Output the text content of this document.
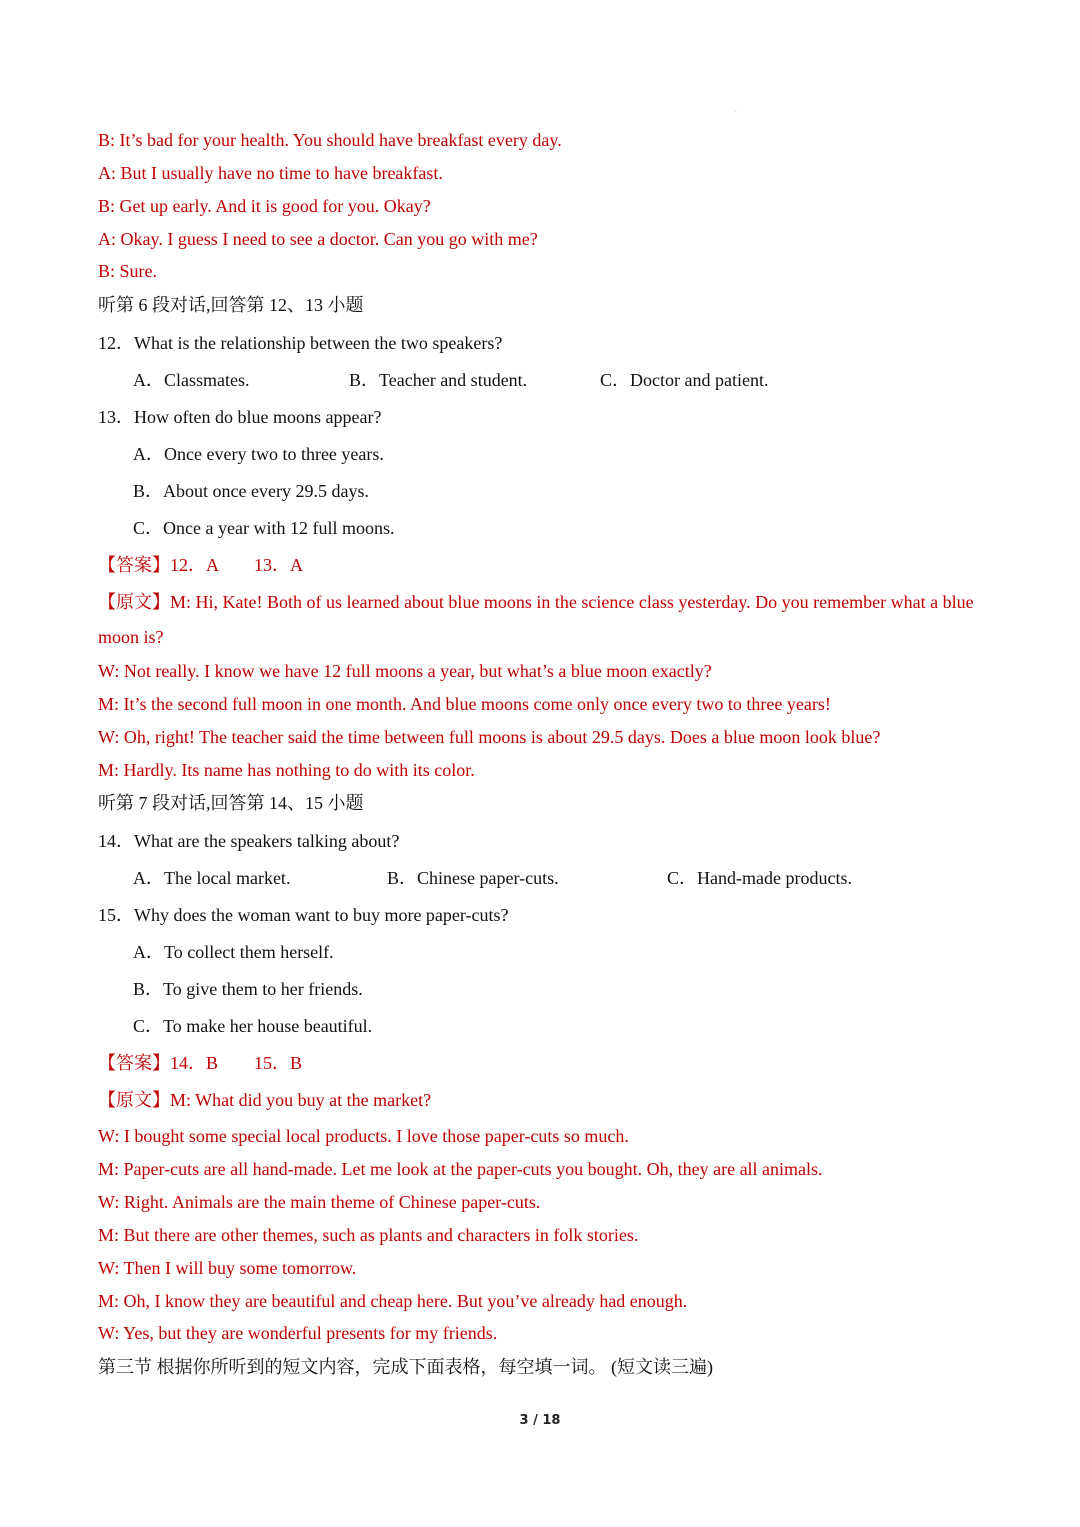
.
B: It’s bad for your health. You should have breakfast every day.
A: But I usually have no time to have breakfast.
B: Get up early. And it is good for you. Okay?
A: Okay. I guess I need to see a doctor. Can you go with me?
B: Sure.
听第 6 段对话,回答第 12、13 小题
12．What is the relationship between the two speakers?
A．Classmates.	B．Teacher and student.	C．Doctor and patient.
13．How often do blue moons appear?
A．Once every two to three years.
B．About once every 29.5 days.
C．Once a year with 12 full moons.
【答案】12．A　　13．A
【原文】M: Hi, Kate! Both of us learned about blue moons in the science class yesterday. Do you remember what a blue moon is?
W: Not really. I know we have 12 full moons a year, but what’s a blue moon exactly?
M: It’s the second full moon in one month. And blue moons come only once every two to three years!
W: Oh, right! The teacher said the time between full moons is about 29.5 days. Does a blue moon look blue?
M: Hardly. Its name has nothing to do with its color.
听第 7 段对话,回答第 14、15 小题
14．What are the speakers talking about?
A．The local market.	B．Chinese paper-cuts.	C．Hand-made products.
15．Why does the woman want to buy more paper-cuts?
A．To collect them herself.
B．To give them to her friends.
C．To make her house beautiful.
【答案】14．B　　15．B
【原文】M: What did you buy at the market?
W: I bought some special local products. I love those paper-cuts so much.
M: Paper-cuts are all hand-made. Let me look at the paper-cuts you bought. Oh, they are all animals.
W: Right. Animals are the main theme of Chinese paper-cuts.
M: But there are other themes, such as plants and characters in folk stories.
W: Then I will buy some tomorrow.
M: Oh, I know they are beautiful and cheap here. But you’ve already had enough.
W: Yes, but they are wonderful presents for my friends.
第三节 根据你所听到的短文内容，完成下面表格，每空填一词。 (短文读三遍)
3 / 18
